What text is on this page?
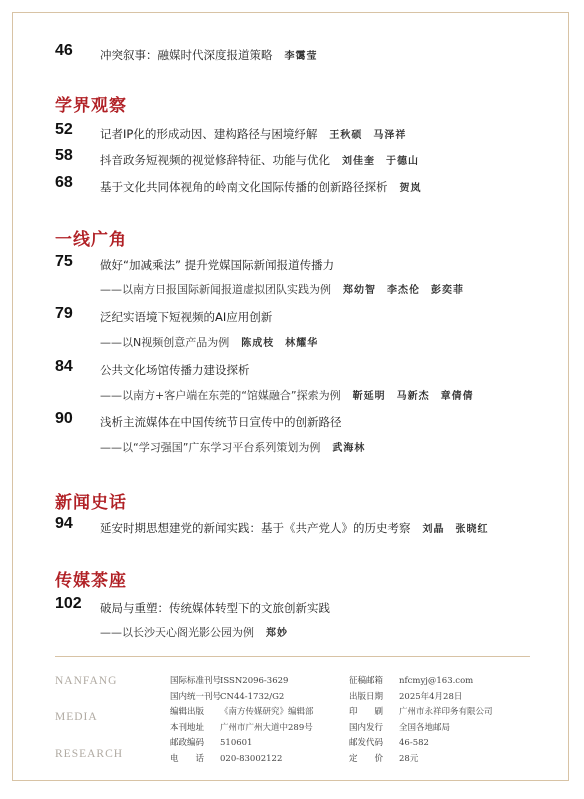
46 冲突叙事：融媒时代深度报道策略 李霭莹
学界观察
52 记者IP化的形成动因、建构路径与困境纾解 王秋硕　马泽祥
58 抖音政务短视频的视觉修辞特征、功能与优化 刘佳奎　于德山
68 基于文化共同体视角的岭南文化国际传播的创新路径探析 贺岚
一线广角
75 做好“加减乘法” 提升党媒国际新闻报道传播力
——以南方日报国际新闻报道虚拟团队实践为例 郑幼智　李杰伦　彭奕菲
79 泛纪实语境下短视频的AI应用创新
——以N视频创意产品为例 陈成枝　林耀华
84 公共文化场馆传播力建设探析
——以南方+客户端在东莞的“馆媒融合”探索为例 靳延明　马新杰　章倩倩
90 浅析主流媒体在中国传统节日宣传中的创新路径
——以“学习强国”广东学习平台系列策划为例 武海林
新闻史话
94 延安时期思想建党的新闻实践：基于《共产党人》的历史考察 刘晶　张晓红
传媒茶座
102 破局与重塑：传统媒体转型下的文旅创新实践
——以长沙天心阁光影公园为例 郑妙
NANFANG
MEDIA
RESEARCH
国际标准刊号ISSN2096-3629
国内统一刊号CN44-1732/G2
编辑出版 《南方传媒研究》编辑部
本刊地址 广州市广州大道中289号
邮政编码 510601
电　　话 020-83002122
征稿邮箱 nfcmyj@163.com
出版日期 2025年4月28日
印　　刷 广州市永祥印务有限公司
国内发行 全国各地邮局
邮发代码 46-582
定　　价 28元
